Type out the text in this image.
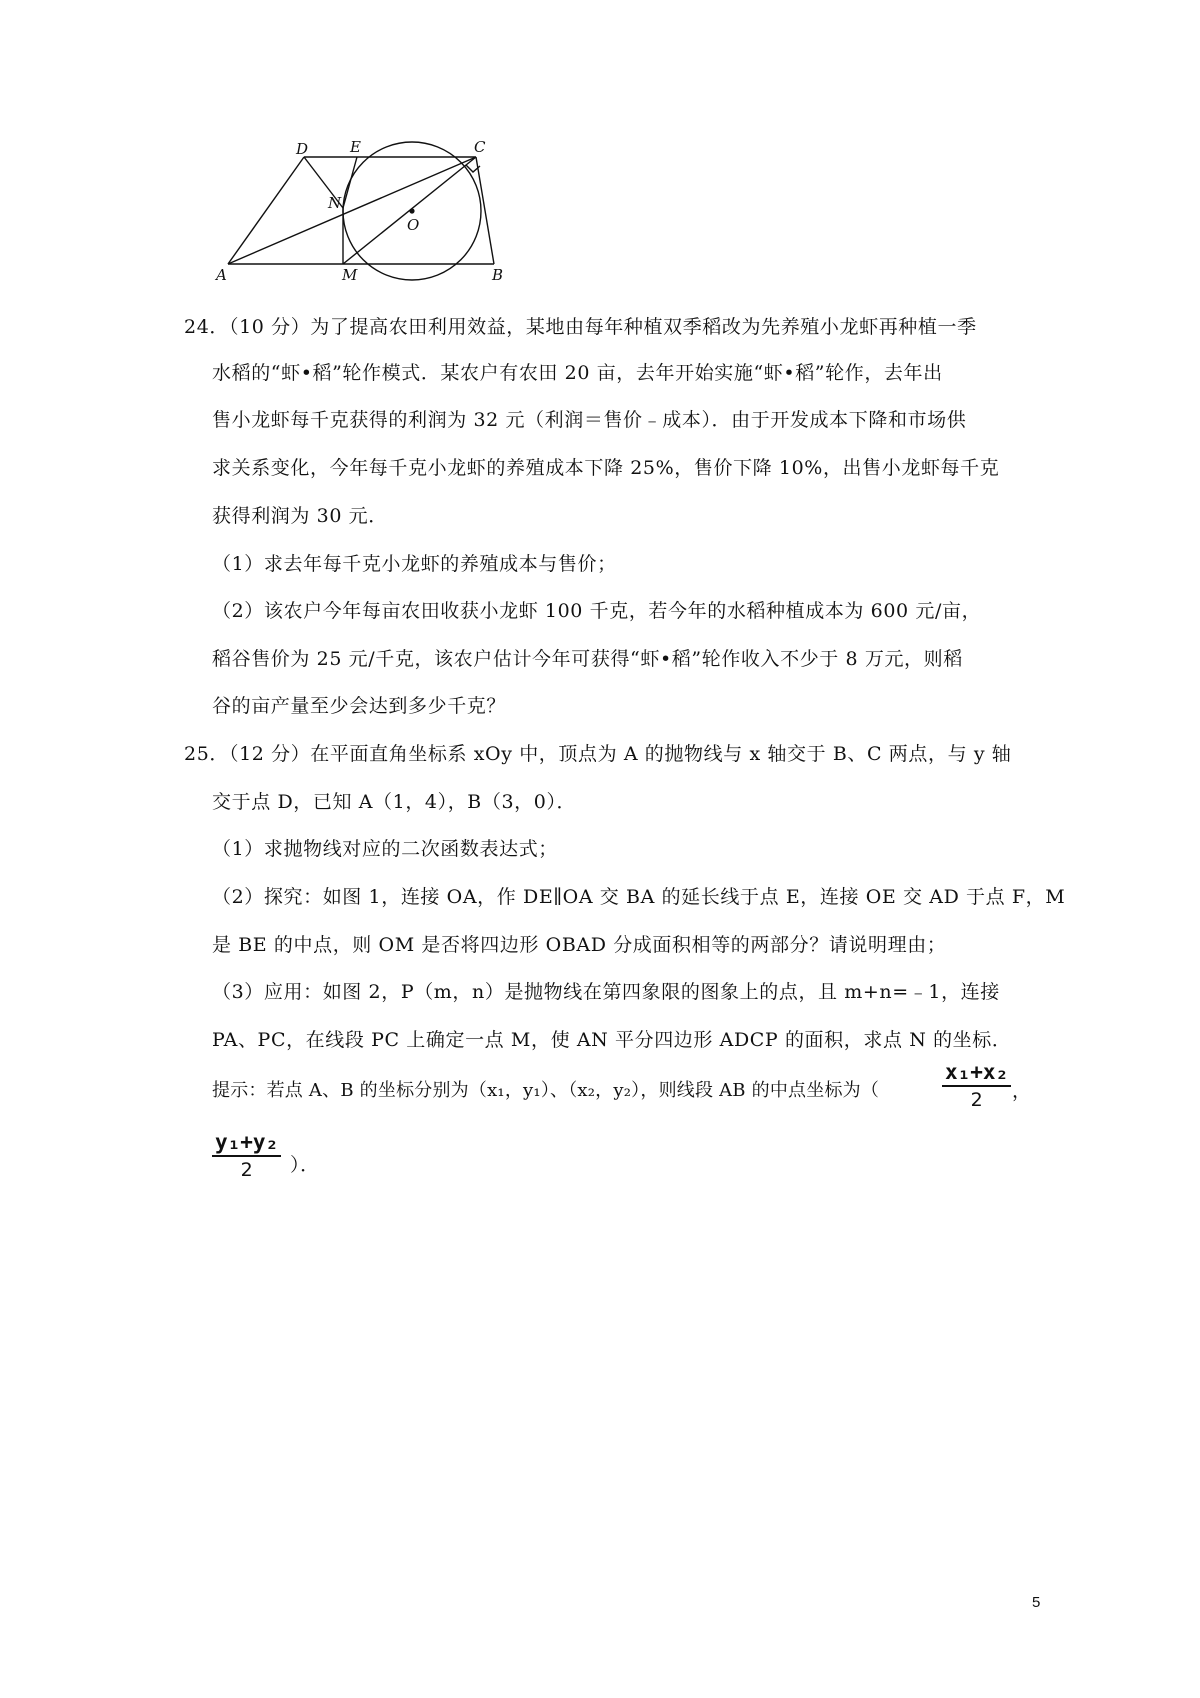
D	E	C
N
O
A	M	B
24．（10 分）为了提高农田利用效益，某地由每年种植双季稻改为先养殖小龙虾再种植一季
水稻的“虾•稻”轮作模式．某农户有农田 20 亩，去年开始实施“虾•稻”轮作，去年出
售小龙虾每千克获得的利润为 32 元（利润＝售价﹣成本）．由于开发成本下降和市场供
求关系变化，今年每千克小龙虾的养殖成本下降 25%，售价下降 10%，出售小龙虾每千克
获得利润为 30 元．
（1）求去年每千克小龙虾的养殖成本与售价；
（2）该农户今年每亩农田收获小龙虾 100 千克，若今年的水稻种植成本为 600 元/亩，
稻谷售价为 25 元/千克，该农户估计今年可获得“虾•稻”轮作收入不少于 8 万元，则稻
谷的亩产量至少会达到多少千克？
25．（12 分）在平面直角坐标系 xOy 中，顶点为 A 的抛物线与 x 轴交于 B、C 两点，与 y 轴
交于点 D，已知 A（1，4），B（3，0）．
（1）求抛物线对应的二次函数表达式；
（2）探究：如图 1，连接 OA，作 DE∥OA 交 BA 的延长线于点 E，连接 OE 交 AD 于点 F，M
是 BE 的中点，则 OM 是否将四边形 OBAD 分成面积相等的两部分？请说明理由；
（3）应用：如图 2，P（m，n）是抛物线在第四象限的图象上的点，且 m+n=﹣1，连接
PA、PC，在线段 PC 上确定一点 M，使 AN 平分四边形 ADCP 的面积，求点 N 的坐标．
提示：若点 A、B 的坐标分别为（x₁，y₁）、（x₂，y₂），则线段 AB 的中点坐标为（
x₁+x₂
2	，
y₁+y₂
2	）．
5
